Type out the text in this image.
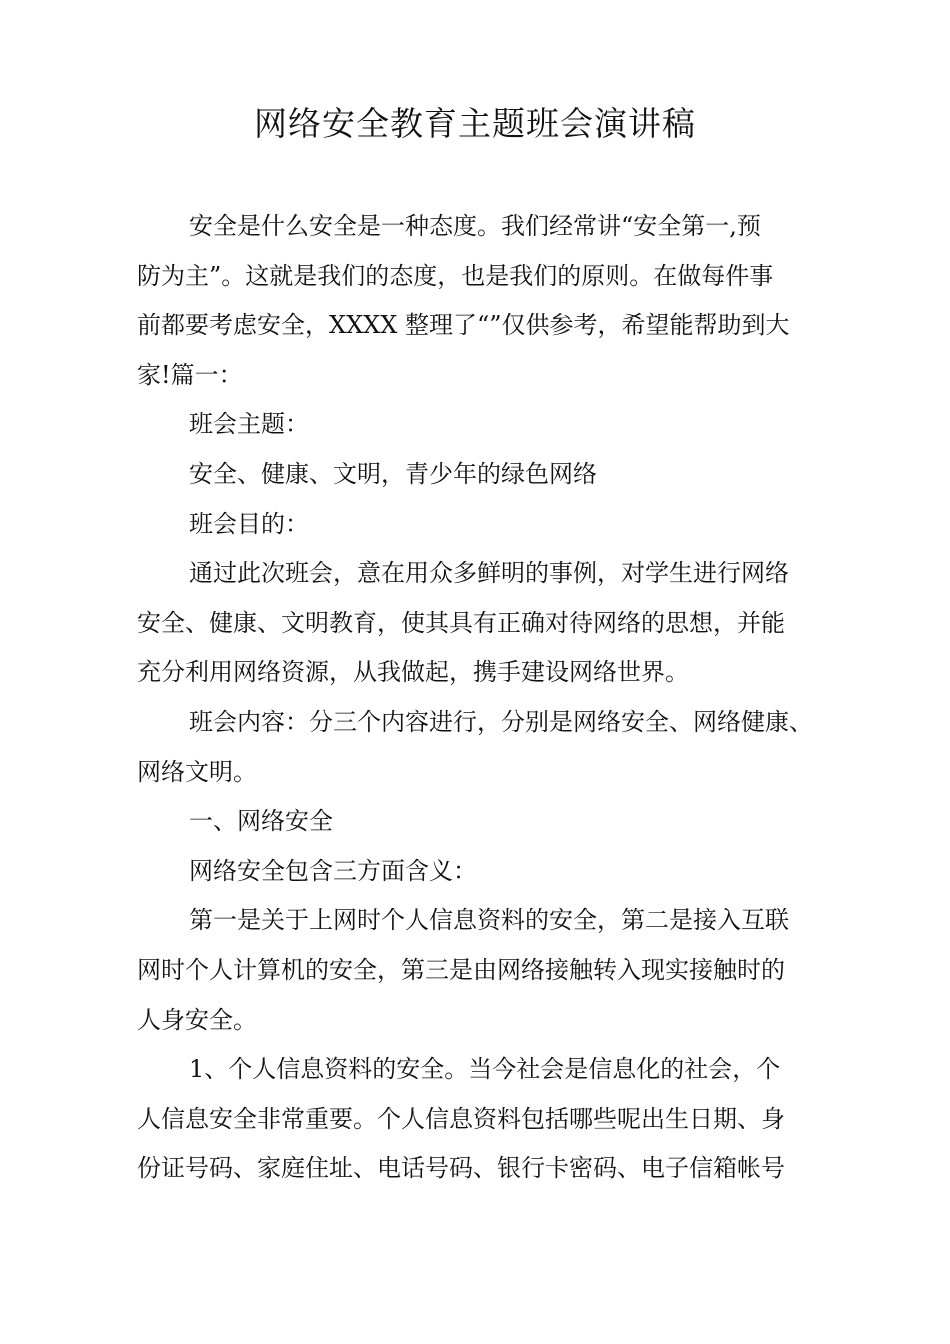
网络安全教育主题班会演讲稿

安全是什么安全是一种态度。我们经常讲“安全第一,预
防为主”。这就是我们的态度，也是我们的原则。在做每件事
前都要考虑安全，XXXX 整理了“”仅供参考，希望能帮助到大
家!篇一：

班会主题：

安全、健康、文明，青少年的绿色网络

班会目的：

通过此次班会，意在用众多鲜明的事例，对学生进行网络
安全、健康、文明教育，使其具有正确对待网络的思想，并能
充分利用网络资源，从我做起，携手建设网络世界。

班会内容：分三个内容进行，分别是网络安全、网络健康、
网络文明。

一、网络安全

网络安全包含三方面含义：

第一是关于上网时个人信息资料的安全，第二是接入互联
网时个人计算机的安全，第三是由网络接触转入现实接触时的
人身安全。

1、个人信息资料的安全。当今社会是信息化的社会，个
人信息安全非常重要。个人信息资料包括哪些呢出生日期、身
份证号码、家庭住址、电话号码、银行卡密码、电子信箱帐号
